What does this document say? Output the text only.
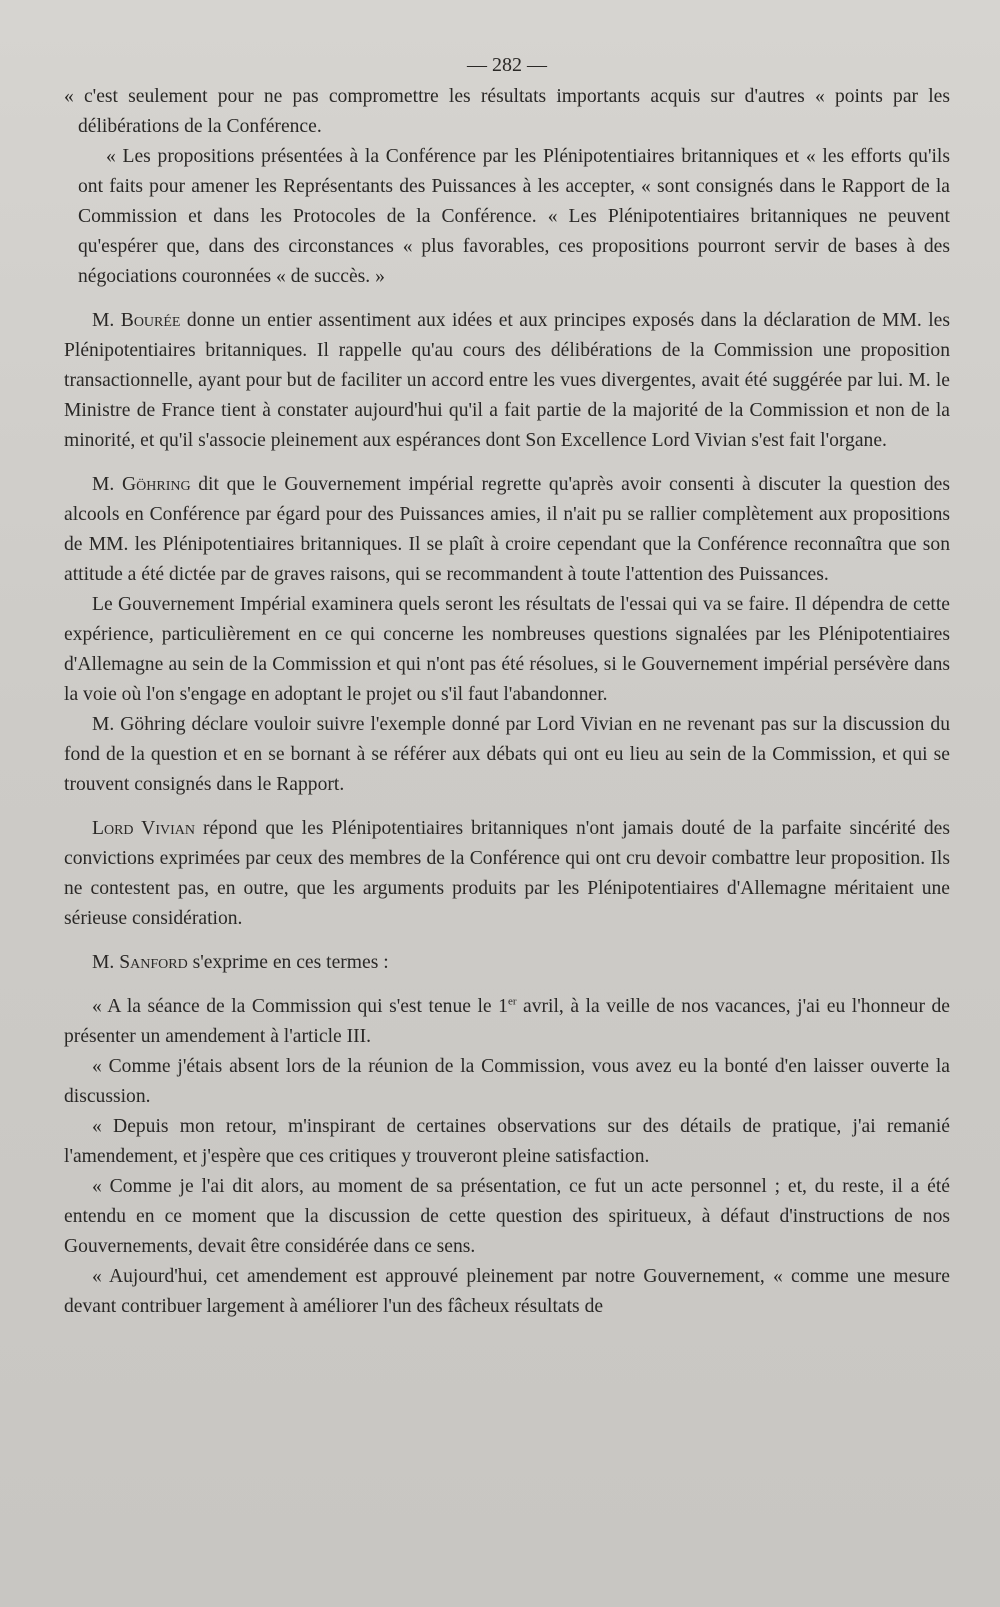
— 282 —

« c'est seulement pour ne pas compromettre les résultats importants acquis sur d'autres « points par les délibérations de la Conférence.

« Les propositions présentées à la Conférence par les Plénipotentiaires britanniques et « les efforts qu'ils ont faits pour amener les Représentants des Puissances à les accepter, « sont consignés dans le Rapport de la Commission et dans les Protocoles de la Conférence. « Les Plénipotentiaires britanniques ne peuvent qu'espérer que, dans des circonstances « plus favorables, ces propositions pourront servir de bases à des négociations couronnées « de succès. »

M. Bourée donne un entier assentiment aux idées et aux principes exposés dans la déclaration de MM. les Plénipotentiaires britanniques. Il rappelle qu'au cours des délibérations de la Commission une proposition transactionnelle, ayant pour but de faciliter un accord entre les vues divergentes, avait été suggérée par lui. M. le Ministre de France tient à constater aujourd'hui qu'il a fait partie de la majorité de la Commission et non de la minorité, et qu'il s'associe pleinement aux espérances dont Son Excellence Lord Vivian s'est fait l'organe.

M. Göhring dit que le Gouvernement impérial regrette qu'après avoir consenti à discuter la question des alcools en Conférence par égard pour des Puissances amies, il n'ait pu se rallier complètement aux propositions de MM. les Plénipotentiaires britanniques. Il se plaît à croire cependant que la Conférence reconnaîtra que son attitude a été dictée par de graves raisons, qui se recommandent à toute l'attention des Puissances.

Le Gouvernement Impérial examinera quels seront les résultats de l'essai qui va se faire. Il dépendra de cette expérience, particulièrement en ce qui concerne les nombreuses questions signalées par les Plénipotentiaires d'Allemagne au sein de la Commission et qui n'ont pas été résolues, si le Gouvernement impérial persévère dans la voie où l'on s'engage en adoptant le projet ou s'il faut l'abandonner.

M. Göhring déclare vouloir suivre l'exemple donné par Lord Vivian en ne revenant pas sur la discussion du fond de la question et en se bornant à se référer aux débats qui ont eu lieu au sein de la Commission, et qui se trouvent consignés dans le Rapport.

Lord Vivian répond que les Plénipotentiaires britanniques n'ont jamais douté de la parfaite sincérité des convictions exprimées par ceux des membres de la Conférence qui ont cru devoir combattre leur proposition. Ils ne contestent pas, en outre, que les arguments produits par les Plénipotentiaires d'Allemagne méritaient une sérieuse considération.

M. Sanford s'exprime en ces termes :

« A la séance de la Commission qui s'est tenue le 1er avril, à la veille de nos vacances, j'ai eu l'honneur de présenter un amendement à l'article III.

« Comme j'étais absent lors de la réunion de la Commission, vous avez eu la bonté d'en laisser ouverte la discussion.

« Depuis mon retour, m'inspirant de certaines observations sur des détails de pratique, j'ai remanié l'amendement, et j'espère que ces critiques y trouveront pleine satisfaction.

« Comme je l'ai dit alors, au moment de sa présentation, ce fut un acte personnel ; et, du reste, il a été entendu en ce moment que la discussion de cette question des spiritueux, à défaut d'instructions de nos Gouvernements, devait être considérée dans ce sens.

« Aujourd'hui, cet amendement est approuvé pleinement par notre Gouvernement, « comme une mesure devant contribuer largement à améliorer l'un des fâcheux résultats de
